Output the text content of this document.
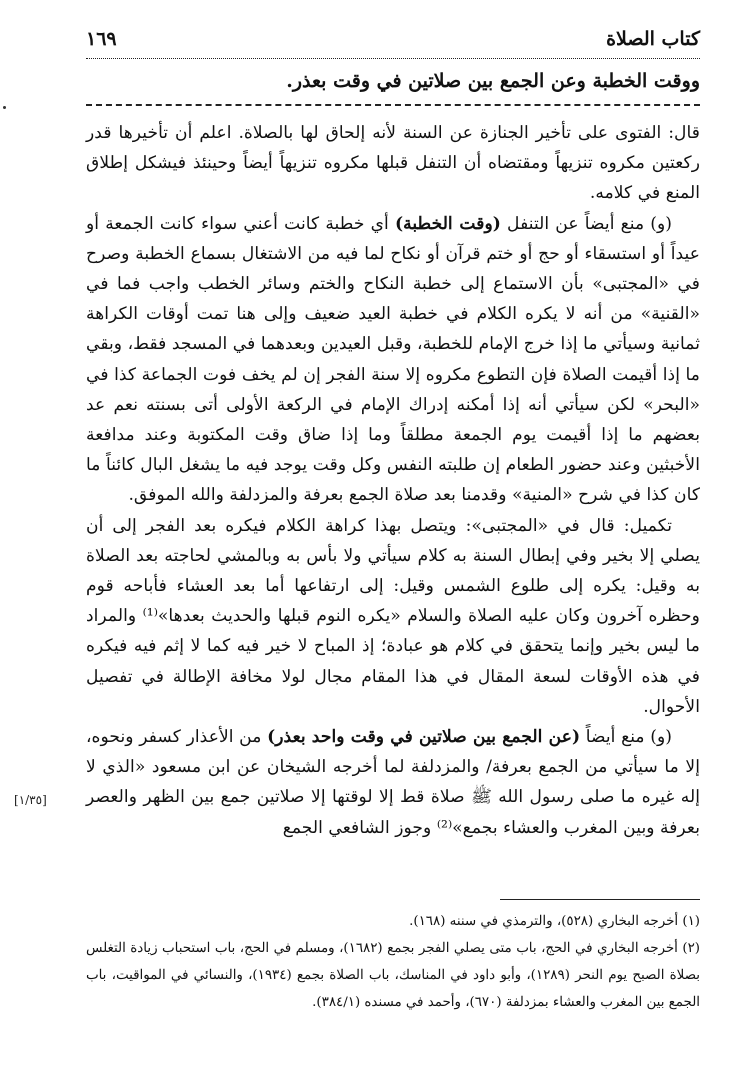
كتاب الصلاة
١٦٩
ووقت الخطبة وعن الجمع بين صلاتين في وقت بعذر.

قال: الفتوى على تأخير الجنازة عن السنة لأنه إلحاق لها بالصلاة. اعلم أن تأخيرها قدر ركعتين مكروه تنزيهاً ومقتضاه أن التنفل قبلها مكروه تنزيهاً أيضاً وحينئذ فيشكل إطلاق المنع في كلامه.

(و) منع أيضاً عن التنفل (وقت الخطبة) أي خطبة كانت أعني سواء كانت الجمعة أو عيداً أو استسقاء أو حج أو ختم قرآن أو نكاح لما فيه من الاشتغال بسماع الخطبة وصرح في «المجتبى» بأن الاستماع إلى خطبة النكاح والختم وسائر الخطب واجب فما في «القنية» من أنه لا يكره الكلام في خطبة العيد ضعيف وإلى هنا تمت أوقات الكراهة ثمانية وسيأتي ما إذا خرج الإمام للخطبة، وقبل العيدين وبعدهما في المسجد فقط، وبقي ما إذا أقيمت الصلاة فإن التطوع مكروه إلا سنة الفجر إن لم يخف فوت الجماعة كذا في «البحر» لكن سيأتي أنه إذا أمكنه إدراك الإمام في الركعة الأولى أتى بسنته نعم عد بعضهم ما إذا أقيمت يوم الجمعة مطلقاً وما إذا ضاق وقت المكتوبة وعند مدافعة الأخبثين وعند حضور الطعام إن طلبته النفس وكل وقت يوجد فيه ما يشغل البال كائناً ما كان كذا في شرح «المنية» وقدمنا بعد صلاة الجمع بعرفة والمزدلفة والله الموفق.

تكميل: قال في «المجتبى»: ويتصل بهذا كراهة الكلام فيكره بعد الفجر إلى أن يصلي إلا بخير وفي إبطال السنة به كلام سيأتي ولا بأس به وبالمشي لحاجته بعد الصلاة به وقيل: يكره إلى طلوع الشمس وقيل: إلى ارتفاعها أما بعد العشاء فأباحه قوم وحظره آخرون وكان عليه الصلاة والسلام «يكره النوم قبلها والحديث بعدها»⁽¹⁾ والمراد ما ليس بخير وإنما يتحقق في كلام هو عبادة؛ إذ المباح لا خير فيه كما لا إثم فيه فيكره في هذه الأوقات لسعة المقال في هذا المقام مجال لولا مخافة الإطالة في تفصيل الأحوال.

(و) منع أيضاً (عن الجمع بين صلاتين في وقت واحد بعذر) من الأعذار كسفر ونحوه، إلا ما سيأتي من الجمع بعرفة/ والمزدلفة لما أخرجه الشيخان عن ابن مسعود «الذي لا إله غيره ما صلى رسول الله ﷺ صلاة قط إلا لوقتها إلا صلاتين جمع بين الظهر والعصر بعرفة وبين المغرب والعشاء بجمع»⁽²⁾ وجوز الشافعي الجمع

[١/٣٥]

(١) أخرجه البخاري (٥٢٨)، والترمذي في سننه (١٦٨).

(٢) أخرجه البخاري في الحج، باب متى يصلي الفجر بجمع (١٦٨٢)، ومسلم في الحج، باب استحباب زيادة التغلس بصلاة الصبح يوم النحر (١٢٨٩)، وأبو داود في المناسك، باب الصلاة بجمع (١٩٣٤)، والنسائي في المواقيت، باب الجمع بين المغرب والعشاء بمزدلفة (٦٧٠)، وأحمد في مسنده (٣٨٤/١).
